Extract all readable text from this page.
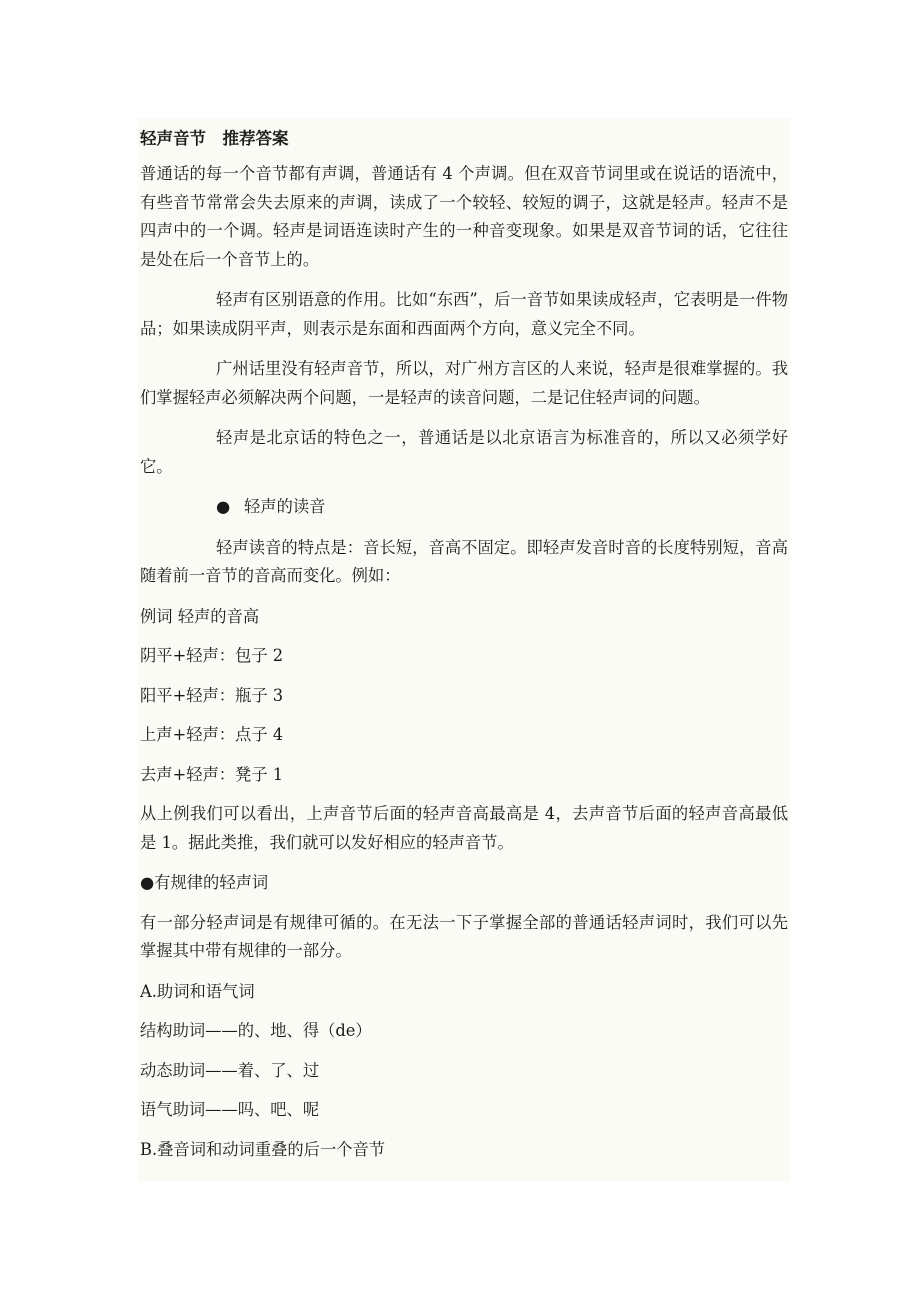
轻声音节　推荐答案

普通话的每一个音节都有声调，普通话有 4 个声调。但在双音节词里或在说话的语流中，有些音节常常会失去原来的声调，读成了一个较轻、较短的调子，这就是轻声。轻声不是四声中的一个调。轻声是词语连读时产生的一种音变现象。如果是双音节词的话，它往往是处在后一个音节上的。

轻声有区别语意的作用。比如“东西”，后一音节如果读成轻声，它表明是一件物品；如果读成阴平声，则表示是东面和西面两个方向，意义完全不同。

广州话里没有轻声音节，所以，对广州方言区的人来说，轻声是很难掌握的。我们掌握轻声必须解决两个问题，一是轻声的读音问题，二是记住轻声词的问题。

轻声是北京话的特色之一，普通话是以北京语言为标准音的，所以又必须学好它。

● 轻声的读音

轻声读音的特点是：音长短，音高不固定。即轻声发音时音的长度特别短，音高随着前一音节的音高而变化。例如：

例词 轻声的音高

阴平+轻声：包子 2

阳平+轻声：瓶子 3

上声+轻声：点子 4

去声+轻声：凳子 1

从上例我们可以看出，上声音节后面的轻声音高最高是 4，去声音节后面的轻声音高最低是 1。据此类推，我们就可以发好相应的轻声音节。

●有规律的轻声词

有一部分轻声词是有规律可循的。在无法一下子掌握全部的普通话轻声词时，我们可以先掌握其中带有规律的一部分。

A.助词和语气词

结构助词——的、地、得（de）

动态助词——着、了、过

语气助词——吗、吧、呢

B.叠音词和动词重叠的后一个音节
